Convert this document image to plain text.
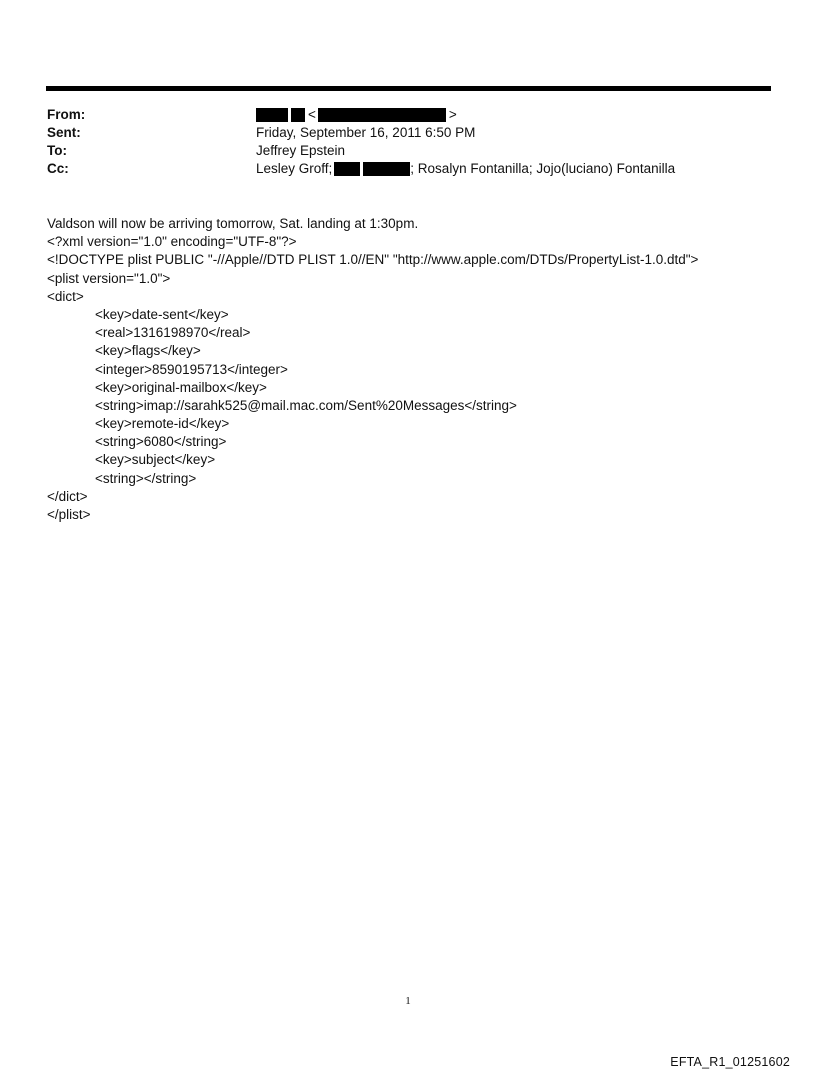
From:	<	>
Sent:	Friday, September 16, 2011 6:50 PM
To:	Jeffrey Epstein
Cc:	Lesley Groff;	; Rosalyn Fontanilla; Jojo(luciano) Fontanilla
Valdson will now be arriving tomorrow, Sat. landing at 1:30pm.
<?xml version="1.0" encoding="UTF-8"?>
<!DOCTYPE plist PUBLIC "-//Apple//DTD PLIST 1.0//EN" "http://www.apple.com/DTDs/PropertyList-1.0.dtd">
<plist version="1.0">
<dict>
<key>date-sent</key>
<real>1316198970</real>
<key>flags</key>
<integer>8590195713</integer>
<key>original-mailbox</key>
<string>imap://sarahk525@mail.mac.com/Sent%20Messages</string>
<key>remote-id</key>
<string>6080</string>
<key>subject</key>
<string></string>
</dict>
</plist>
1
EFTA_R1_01251602
